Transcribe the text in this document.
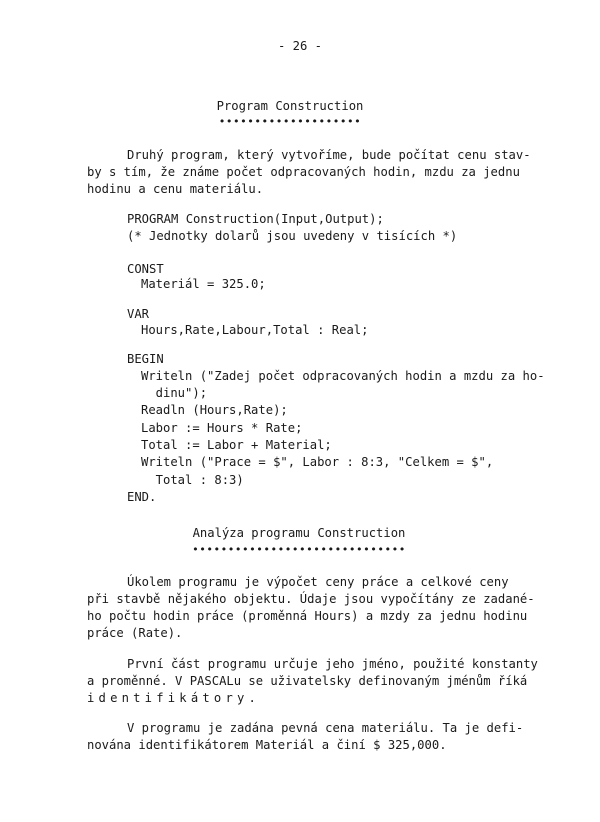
- 26 -
Program Construction
••••••••••••••••••••
Druhý program, který vytvoříme, bude počítat cenu stav-
by s tím, že známe počet odpracovaných hodin, mzdu za jednu
hodinu a cenu materiálu.
PROGRAM Construction(Input,Output);
(* Jednotky dolarů jsou uvedeny v tisících *)
CONST
Materiál = 325.0;
VAR
Hours,Rate,Labour,Total : Real;
BEGIN
Writeln ("Zadej počet odpracovaných hodin a mzdu za ho-
dinu");
Readln (Hours,Rate);
Labor := Hours * Rate;
Total := Labor + Material;
Writeln ("Prace = $", Labor : 8:3, "Celkem = $",
Total : 8:3)
END.
Analýza programu Construction
••••••••••••••••••••••••••••••
Úkolem programu je výpočet ceny práce a celkové ceny
při stavbě nějakého objektu. Údaje jsou vypočítány ze zadané-
ho počtu hodin práce (proměnná Hours) a mzdy za jednu hodinu
práce (Rate).
První část programu určuje jeho jméno, použité konstanty
a proměnné. V PASCALu se uživatelsky definovaným jménům říká
identifikátory.
V programu je zadána pevná cena materiálu. Ta je defi-
nována identifikátorem Materiál a činí $ 325,000.
